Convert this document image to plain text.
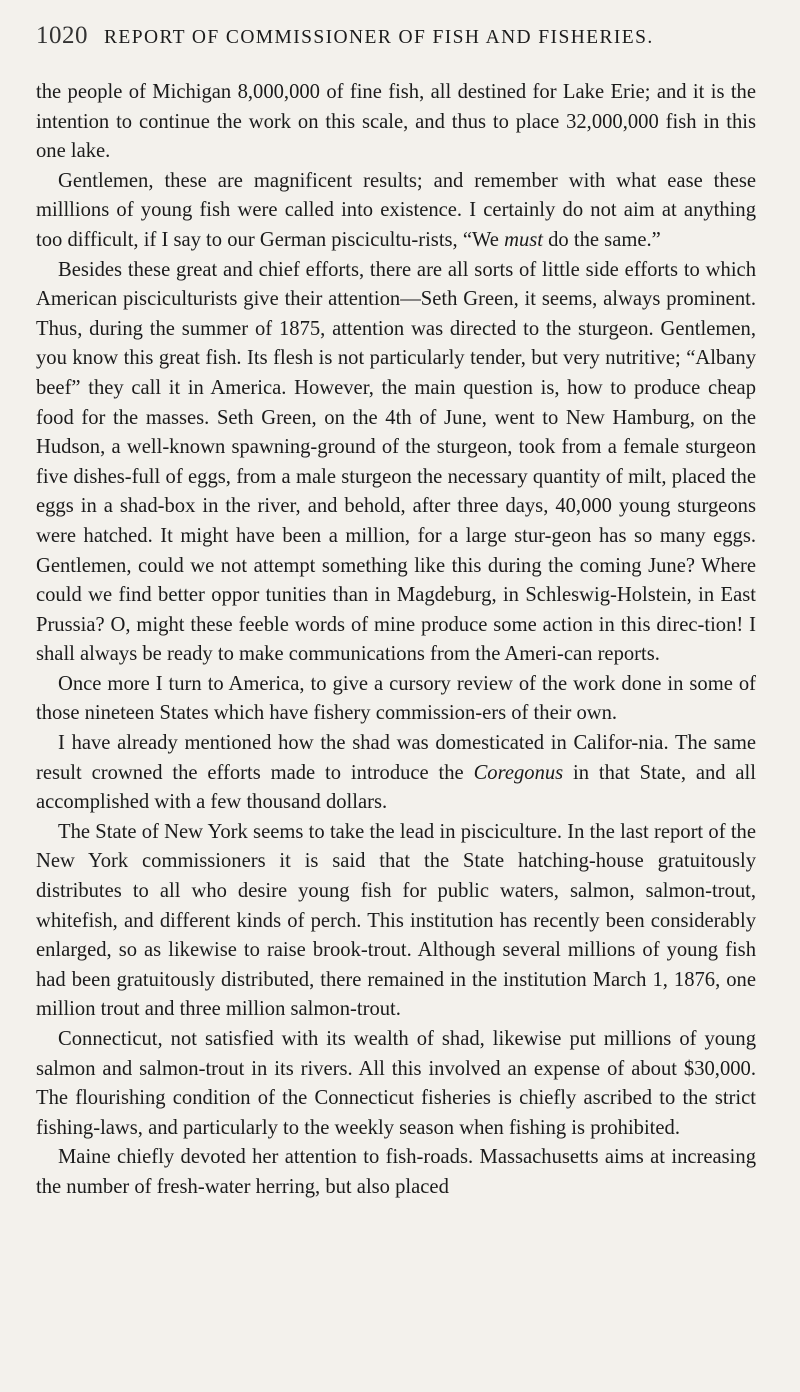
1020 REPORT OF COMMISSIONER OF FISH AND FISHERIES.

the people of Michigan 8,000,000 of fine fish, all destined for Lake Erie; and it is the intention to continue the work on this scale, and thus to place 32,000,000 fish in this one lake.

Gentlemen, these are magnificent results; and remember with what ease these milllions of young fish were called into existence. I certainly do not aim at anything too difficult, if I say to our German piscicultu-rists, “We must do the same.”

Besides these great and chief efforts, there are all sorts of little side efforts to which American pisciculturists give their attention—Seth Green, it seems, always prominent. Thus, during the summer of 1875, attention was directed to the sturgeon. Gentlemen, you know this great fish. Its flesh is not particularly tender, but very nutritive; “Albany beef” they call it in America. However, the main question is, how to produce cheap food for the masses. Seth Green, on the 4th of June, went to New Hamburg, on the Hudson, a well-known spawning-ground of the sturgeon, took from a female sturgeon five dishes-full of eggs, from a male sturgeon the necessary quantity of milt, placed the eggs in a shad-box in the river, and behold, after three days, 40,000 young sturgeons were hatched. It might have been a million, for a large stur-geon has so many eggs. Gentlemen, could we not attempt something like this during the coming June? Where could we find better oppor tunities than in Magdeburg, in Schleswig-Holstein, in East Prussia? O, might these feeble words of mine produce some action in this direc-tion! I shall always be ready to make communications from the Ameri-can reports.

Once more I turn to America, to give a cursory review of the work done in some of those nineteen States which have fishery commission-ers of their own.

I have already mentioned how the shad was domesticated in Califor-nia. The same result crowned the efforts made to introduce the Coregonus in that State, and all accomplished with a few thousand dollars.

The State of New York seems to take the lead in pisciculture. In the last report of the New York commissioners it is said that the State hatching-house gratuitously distributes to all who desire young fish for public waters, salmon, salmon-trout, whitefish, and different kinds of perch. This institution has recently been considerably enlarged, so as likewise to raise brook-trout. Although several millions of young fish had been gratuitously distributed, there remained in the institution March 1, 1876, one million trout and three million salmon-trout.

Connecticut, not satisfied with its wealth of shad, likewise put millions of young salmon and salmon-trout in its rivers. All this involved an expense of about $30,000. The flourishing condition of the Connecticut fisheries is chiefly ascribed to the strict fishing-laws, and particularly to the weekly season when fishing is prohibited.

Maine chiefly devoted her attention to fish-roads. Massachusetts aims at increasing the number of fresh-water herring, but also placed
